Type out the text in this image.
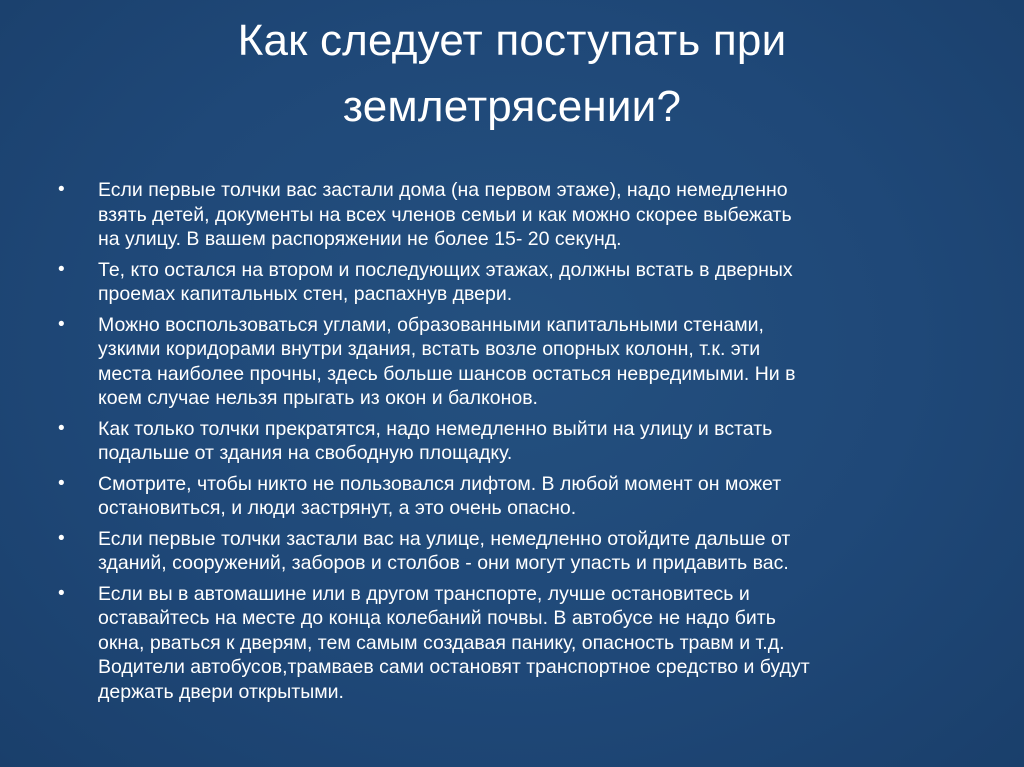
Как следует поступать при
землетрясении?
•	Если первые толчки вас застали дома (на первом этаже), надо немедленно
взять детей, документы на всех членов семьи и как можно скорее выбежать
на улицу. В вашем распоряжении не более 15- 20 секунд.
•	Те, кто остался на втором и последующих этажах, должны встать в дверных
проемах капитальных стен, распахнув двери.
•	Можно воспользоваться углами, образованными капитальными стенами,
узкими коридорами внутри здания, встать возле опорных колонн, т.к. эти
места наиболее прочны, здесь больше шансов остаться невредимыми. Ни в
коем случае нельзя прыгать из окон и балконов.
•	Как только толчки прекратятся, надо немедленно выйти на улицу и встать
подальше от здания на свободную площадку.
•	Смотрите, чтобы никто не пользовался лифтом. В любой момент он может
остановиться, и люди застрянут, а это очень опасно.
•	Если первые толчки застали вас на улице, немедленно отойдите дальше от
зданий, сооружений, заборов и столбов - они могут упасть и придавить вас.
•	Если вы в автомашине или в другом транспорте, лучше остановитесь и
оставайтесь на месте до конца колебаний почвы. В автобусе не надо бить
окна, рваться к дверям, тем самым создавая панику, опасность травм и т.д.
Водители автобусов,трамваев сами остановят транспортное средство и будут
держать двери открытыми.
